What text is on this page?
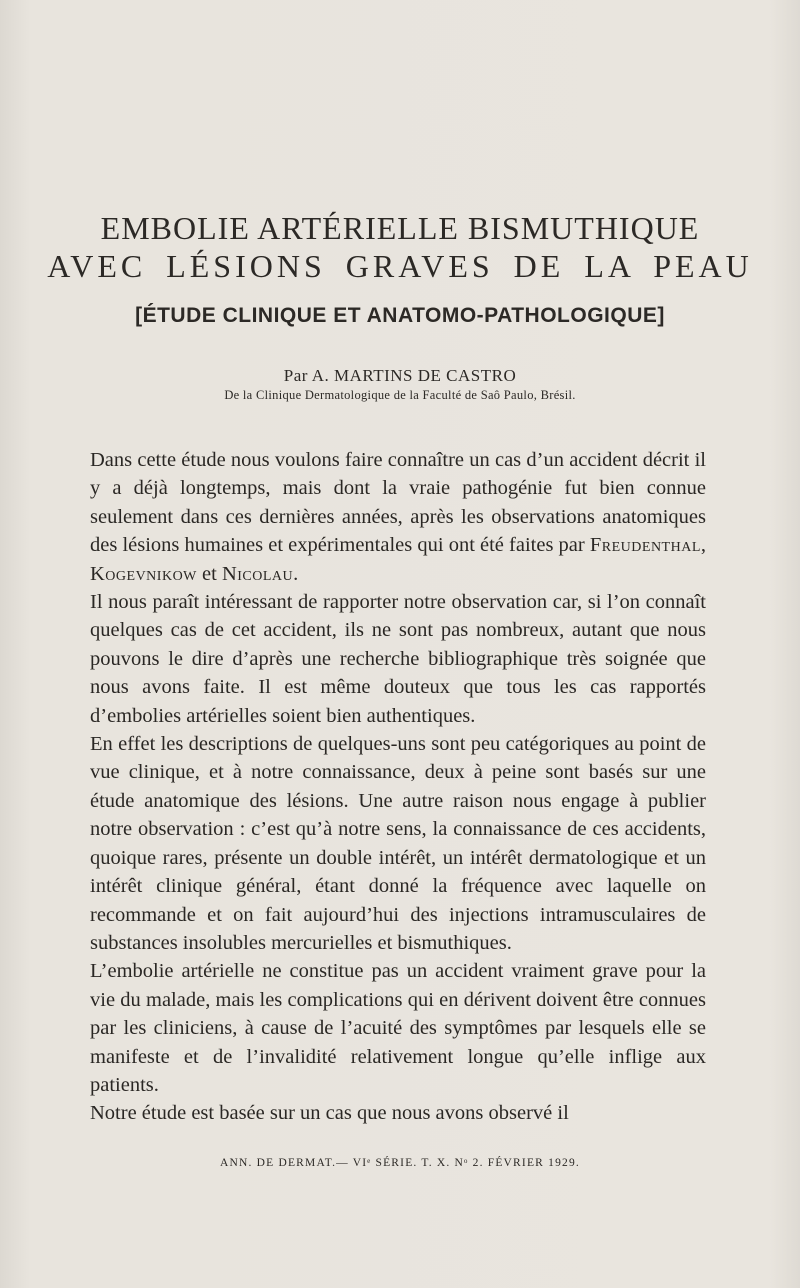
EMBOLIE ARTÉRIELLE BISMUTHIQUE
AVEC LÉSIONS GRAVES DE LA PEAU
[ÉTUDE CLINIQUE ET ANATOMO-PATHOLOGIQUE]
Par A. MARTINS DE CASTRO
De la Clinique Dermatologique de la Faculté de Saô Paulo, Brésil.

Dans cette étude nous voulons faire connaître un cas d’un accident décrit il y a déjà longtemps, mais dont la vraie pathogénie fut bien connue seulement dans ces dernières années, après les observations anatomiques des lésions humaines et expérimentales qui ont été faites par Freudenthal, Kogevnikow et Nicolau.

Il nous paraît intéressant de rapporter notre observation car, si l’on connaît quelques cas de cet accident, ils ne sont pas nombreux, autant que nous pouvons le dire d’après une recherche bibliographique très soignée que nous avons faite. Il est même douteux que tous les cas rapportés d’embolies artérielles soient bien authentiques.

En effet les descriptions de quelques-uns sont peu catégoriques au point de vue clinique, et à notre connaissance, deux à peine sont basés sur une étude anatomique des lésions. Une autre raison nous engage à publier notre observation : c’est qu’à notre sens, la connaissance de ces accidents, quoique rares, présente un double intérêt, un intérêt dermatologique et un intérêt clinique général, étant donné la fréquence avec laquelle on recommande et on fait aujourd’hui des injections intramusculaires de substances insolubles mercurielles et bismuthiques.

L’embolie artérielle ne constitue pas un accident vraiment grave pour la vie du malade, mais les complications qui en dérivent doivent être connues par les cliniciens, à cause de l’acuité des symptômes par lesquels elle se manifeste et de l’invalidité relativement longue qu’elle inflige aux patients.

Notre étude est basée sur un cas que nous avons observé il

ANN. DE DERMAT.— VIᵉ SÉRIE. T. X. Nᵒ 2. FÉVRIER 1929.
